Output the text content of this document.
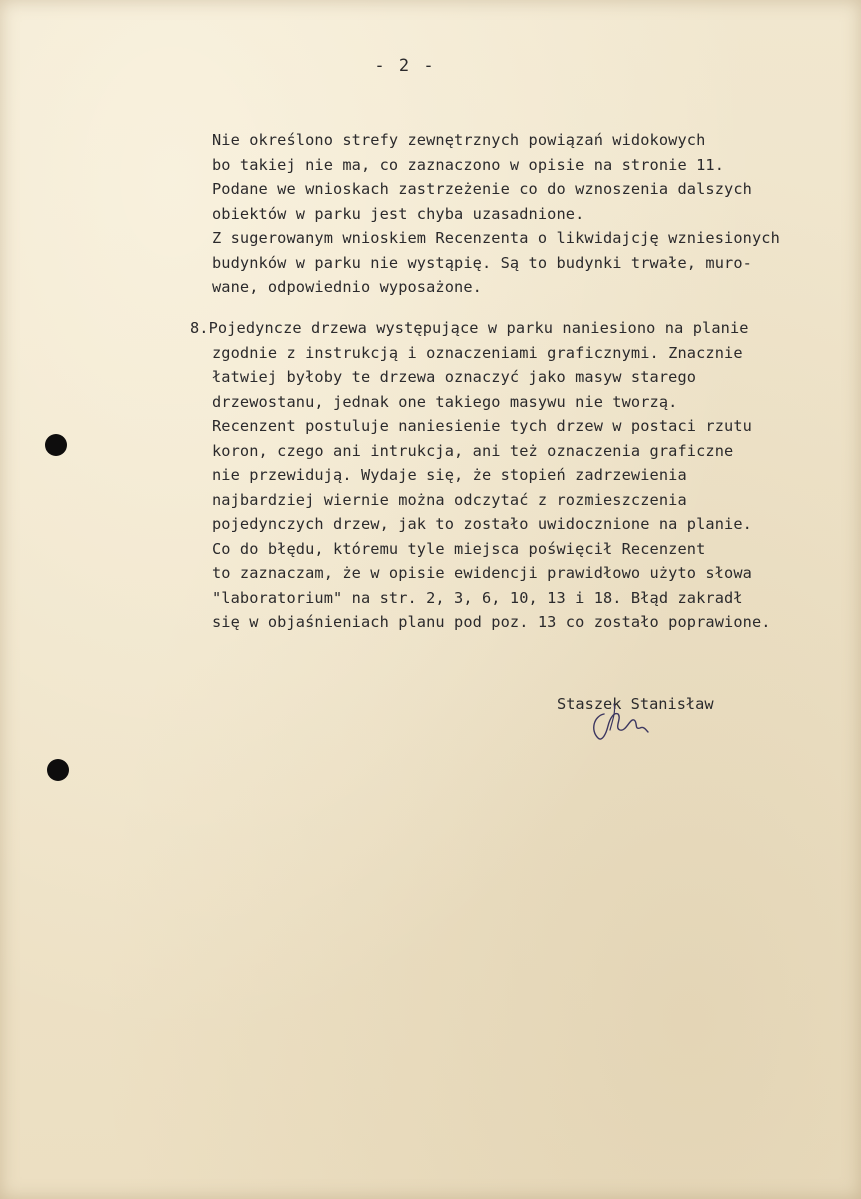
- 2 -
Nie określono strefy zewnętrznych powiązań widokowych
bo takiej nie ma, co zaznaczono w opisie na stronie 11.
Podane we wnioskach zastrzeżenie co do wznoszenia dalszych
obiektów w parku jest chyba uzasadnione.
Z sugerowanym wnioskiem Recenzenta o likwidajcję wzniesionych
budynków w parku nie wystąpię. Są to budynki trwałe, muro-
wane, odpowiednio wyposażone.
8.Pojedyncze drzewa występujące w parku naniesiono na planie
zgodnie z instrukcją i oznaczeniami graficznymi. Znacznie
łatwiej byłoby te drzewa oznaczyć jako masyw starego
drzewostanu, jednak one takiego masywu nie tworzą.
Recenzent postuluje naniesienie tych drzew w postaci rzutu
koron, czego ani intrukcja, ani też oznaczenia graficzne
nie przewidują. Wydaje się, że stopień zadrzewienia
najbardziej wiernie można odczytać z rozmieszczenia
pojedynczych drzew, jak to zostało uwidocznione na planie.
Co do błędu, któremu tyle miejsca poświęcił Recenzent
to zaznaczam, że w opisie ewidencji prawidłowo użyto słowa
"laboratorium" na str. 2, 3, 6, 10, 13 i 18. Błąd zakradł
się w objaśnieniach planu pod poz. 13 co zostało poprawione.
Staszek Stanisław
